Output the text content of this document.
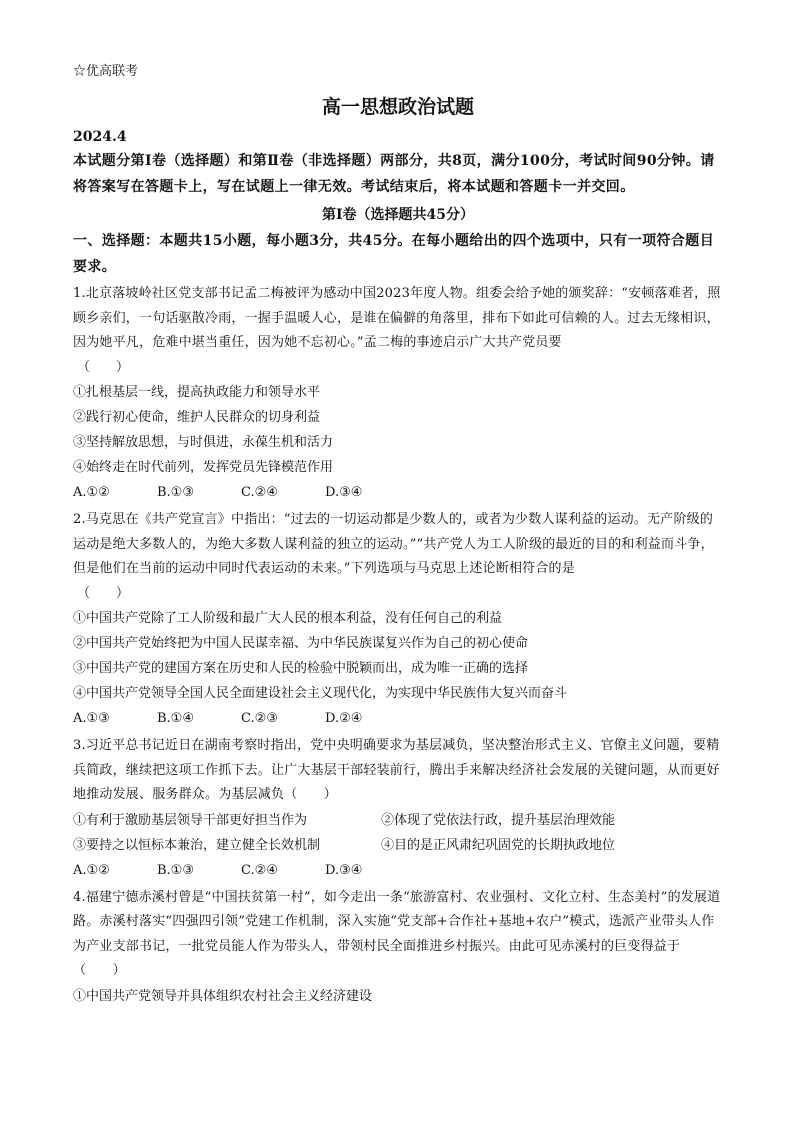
☆优高联考
高一思想政治试题
2024.4
本试题分第Ⅰ卷（选择题）和第Ⅱ卷（非选择题）两部分，共8页，满分100分，考试时间90分钟。请将答案写在答题卡上，写在试题上一律无效。考试结束后，将本试题和答题卡一并交回。
第Ⅰ卷（选择题共45分）
一、选择题：本题共15小题，每小题3分，共45分。在每小题给出的四个选项中，只有一项符合题目要求。
1.北京落坡岭社区党支部书记孟二梅被评为感动中国2023年度人物。组委会给予她的颁奖辞：“安顿落难者，照顾乡亲们，一句话驱散冷雨，一握手温暖人心，是谁在偏僻的角落里，排布下如此可信赖的人。过去无缘相识，因为她平凡，危难中堪当重任，因为她不忘初心。”孟二梅的事迹启示广大共产党员要
（　　）
①扎根基层一线，提高执政能力和领导水平
②践行初心使命，维护人民群众的切身利益
③坚持解放思想，与时俱进，永葆生机和活力
④始终走在时代前列，发挥党员先锋模范作用
A.①②	B.①③	C.②④	D.③④
2.马克思在《共产党宣言》中指出：“过去的一切运动都是少数人的，或者为少数人谋利益的运动。无产阶级的运动是绝大多数人的，为绝大多数人谋利益的独立的运动。”“共产党人为工人阶级的最近的目的和利益而斗争，但是他们在当前的运动中同时代表运动的未来。”下列选项与马克思上述论断相符合的是
（　　）
①中国共产党除了工人阶级和最广大人民的根本利益，没有任何自己的利益
②中国共产党始终把为中国人民谋幸福、为中华民族谋复兴作为自己的初心使命
③中国共产党的建国方案在历史和人民的检验中脱颖而出，成为唯一正确的选择
④中国共产党领导全国人民全面建设社会主义现代化，为实现中华民族伟大复兴而奋斗
A.①③	B.①④	C.②③	D.②④
3.习近平总书记近日在湖南考察时指出，党中央明确要求为基层减负，坚决整治形式主义、官僚主义问题，要精兵简政，继续把这项工作抓下去。让广大基层干部轻装前行，腾出手来解决经济社会发展的关键问题，从而更好地推动发展、服务群众。为基层减负（　　）
①有利于激励基层领导干部更好担当作为	②体现了党依法行政，提升基层治理效能
③要持之以恒标本兼治，建立健全长效机制	④目的是正风肃纪巩固党的长期执政地位
A.①②	B.①③	C.②④	D.③④
4.福建宁德赤溪村曾是“中国扶贫第一村”，如今走出一条“旅游富村、农业强村、文化立村、生态美村”的发展道路。赤溪村落实“四强四引领”党建工作机制，深入实施“党支部+合作社+基地+农户”模式，选派产业带头人作为产业支部书记，一批党员能人作为带头人，带领村民全面推进乡村振兴。由此可见赤溪村的巨变得益于（　　）
①中国共产党领导并具体组织农村社会主义经济建设
